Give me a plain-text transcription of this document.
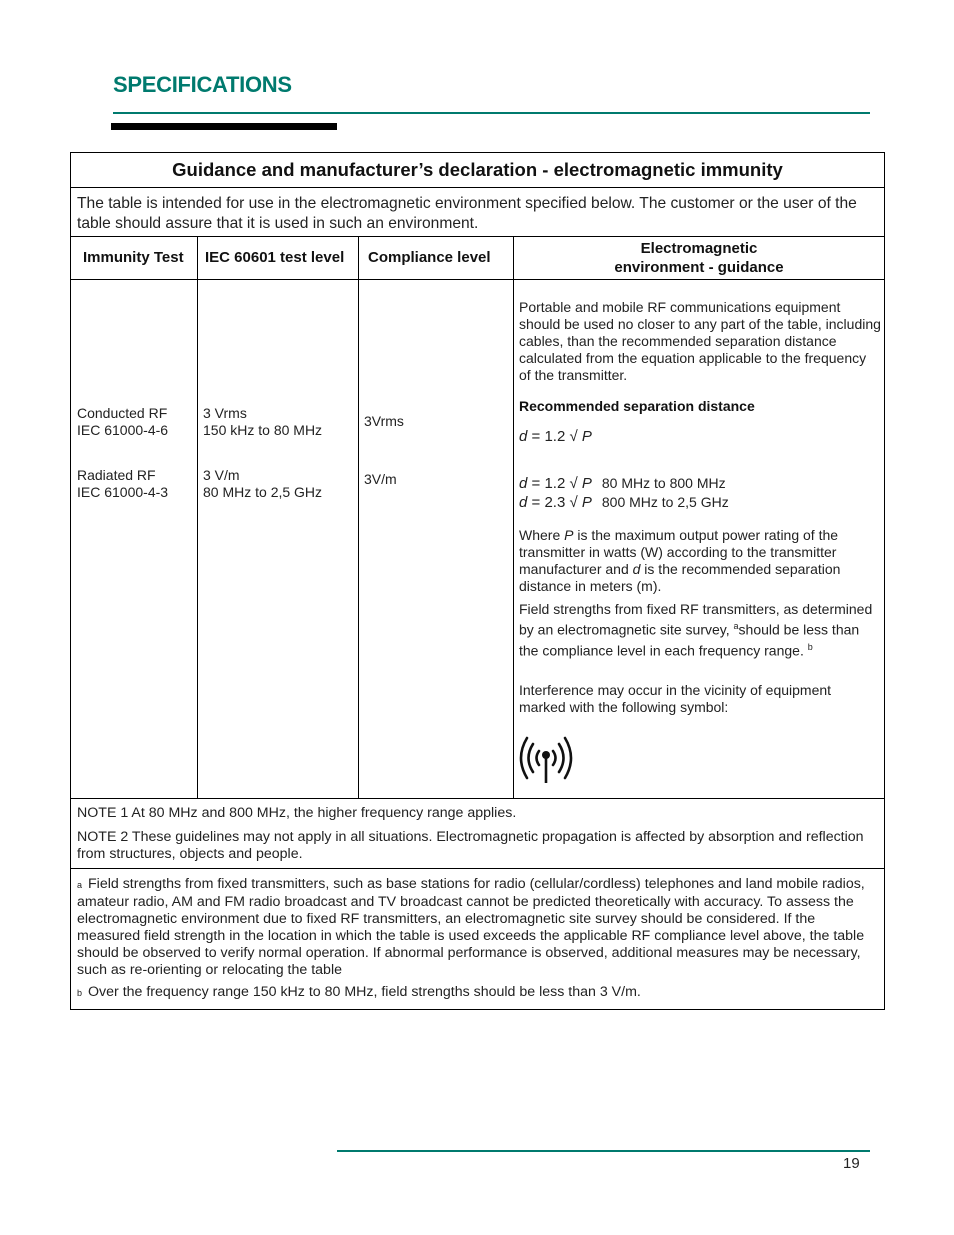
SPECIFICATIONS

Guidance and manufacturer’s declaration - electromagnetic immunity

The table is intended for use in the electromagnetic environment specified below. The customer or the user of the table should assure that it is used in such an environment.

Immunity Test IEC 60601 test level Compliance level
Electromagnetic
environment - guidance
Conducted RF
IEC 61000-4-6
3 Vrms
150 kHz to 80 MHz
3Vrms
Radiated RF
IEC 61000-4-3
3 V/m
80 MHz to 2,5 GHz
3V/m

Portable and mobile RF communications equipment should be used no closer to any part of the table, including cables, than the recommended separation distance calculated from the equation applicable to the frequency of the transmitter.

Recommended separation distance
d = 1.2 √ P
d = 1.2 √ P 80 MHz to 800 MHz
d = 2.3 √ P 800 MHz to 2,5 GHz

Where P is the maximum output power rating of the transmitter in watts (W) according to the transmitter manufacturer and d is the recommended separation distance in meters (m).

Field strengths from fixed RF transmitters, as determined by an electromagnetic site survey, $^a$should be less than the compliance level in each frequency range. $^b$

Interference may occur in the vicinity of equipment marked with the following symbol:

NOTE 1 At 80 MHz and 800 MHz, the higher frequency range applies.

NOTE 2 These guidelines may not apply in all situations. Electromagnetic propagation is affected by absorption and reflection from structures, objects and people.

a Field strengths from fixed transmitters, such as base stations for radio (cellular/cordless) telephones and land mobile radios, amateur radio, AM and FM radio broadcast and TV broadcast cannot be predicted theoretically with accuracy. To assess the electromagnetic environment due to fixed RF transmitters, an electromagnetic site survey should be considered. If the measured field strength in the location in which the table is used exceeds the applicable RF compliance level above, the table should be observed to verify normal operation. If abnormal performance is observed, additional measures may be necessary, such as re-orienting or relocating the table

b Over the frequency range 150 kHz to 80 MHz, field strengths should be less than 3 V/m.

19
